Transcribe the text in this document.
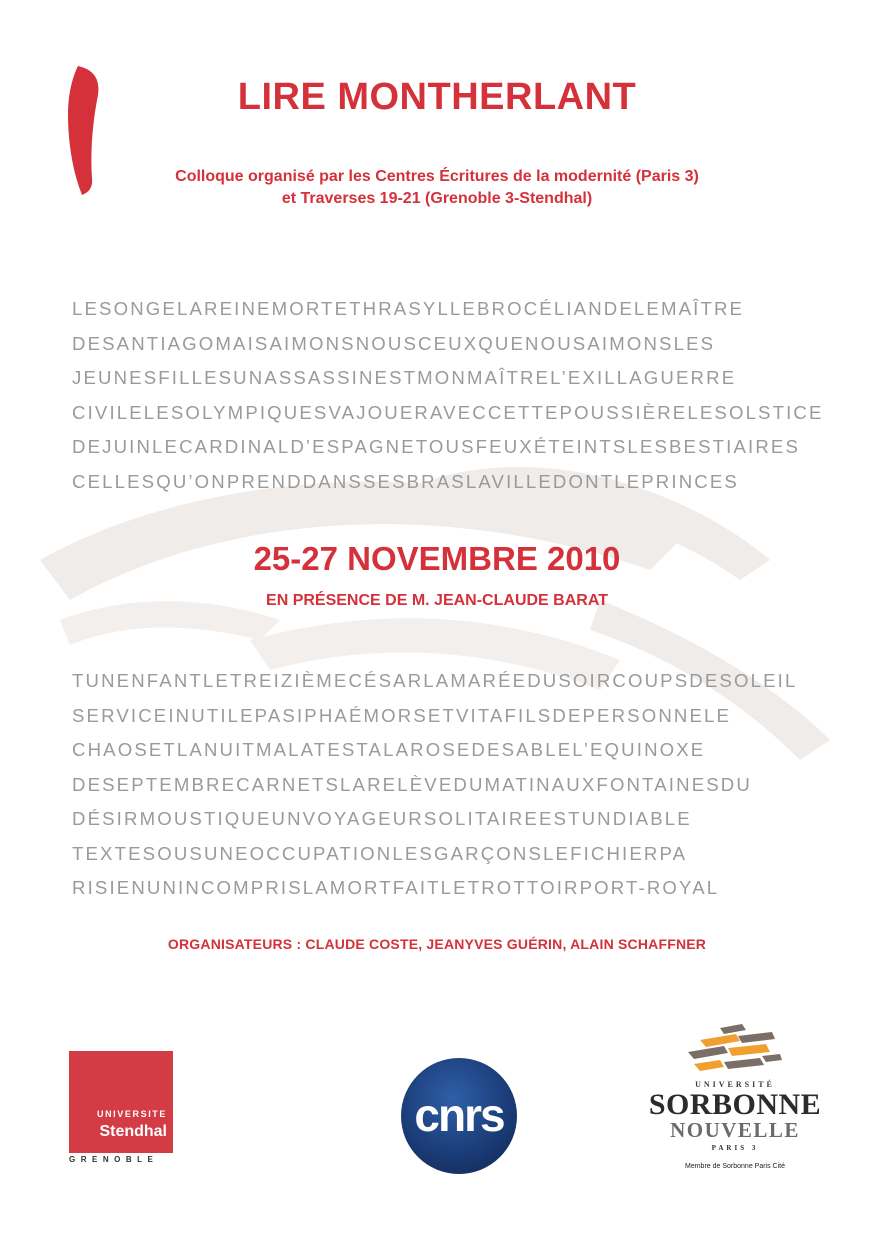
LIRE MONTHERLANT
Colloque organisé par les Centres Écritures de la modernité (Paris 3)
et Traverses 19-21 (Grenoble 3-Stendhal)
LESONGELAREINEMORTETHRASYLLEBROCÉLIANDELEMAÎTRE
DESANTIAGOMAISAIMONSNOUSCEUXQUENOUSAIMONSLES
JEUNESFILLESUNASSASSINESTMONMAÎTREL’EXILLAGUERRE
CIVILELESOLYMPIQUESVAJOUERAVECCETTEPOUSSIÈRELESOLSTICE
DEJUINLECARDINALD’ESPAGNETOUSFEUXÉTEINTSLESBESTIAIRES
CELLESQU’ONPRENDDANSSESBRASLAVILLEDONTLEPRINCES
25-27 NOVEMBRE 2010
EN PRÉSENCE DE M. JEAN-CLAUDE BARAT
TUNENFANTLETREIZIÈMECÉSARLAMARÉEDUSOIRCOUPSDESOLEIL
SERVICEINUTILEPASIPHAÉMORSETVITAFILSDEPERSONNELE
CHAOSETLANUITMALATESTALAROSEDESABLEL’EQUINOXE
DESEPTEMBRECARNETSLARELÈVEDUMATINAUXFONTAINESDU
DÉSIRMOUSTIQUEUNVOYAGEURSOLITAIREESTUNDIABLE
TEXTESOUSUNEOCCUPATIONLESGARÇONSLEFICHIERPA
RISIENUNINCOMPRISLAMORTFAITLETROTTOIRPORT-ROYAL
ORGANISATEURS : CLAUDE COSTE, JEANYVES GUÉRIN, ALAIN SCHAFFNER
UNIVERSITE
Stendhal
GRENOBLE
cnrs
UNIVERSITÉ
SORBONNE
NOUVELLE
PARIS 3
Membre de Sorbonne Paris Cité
